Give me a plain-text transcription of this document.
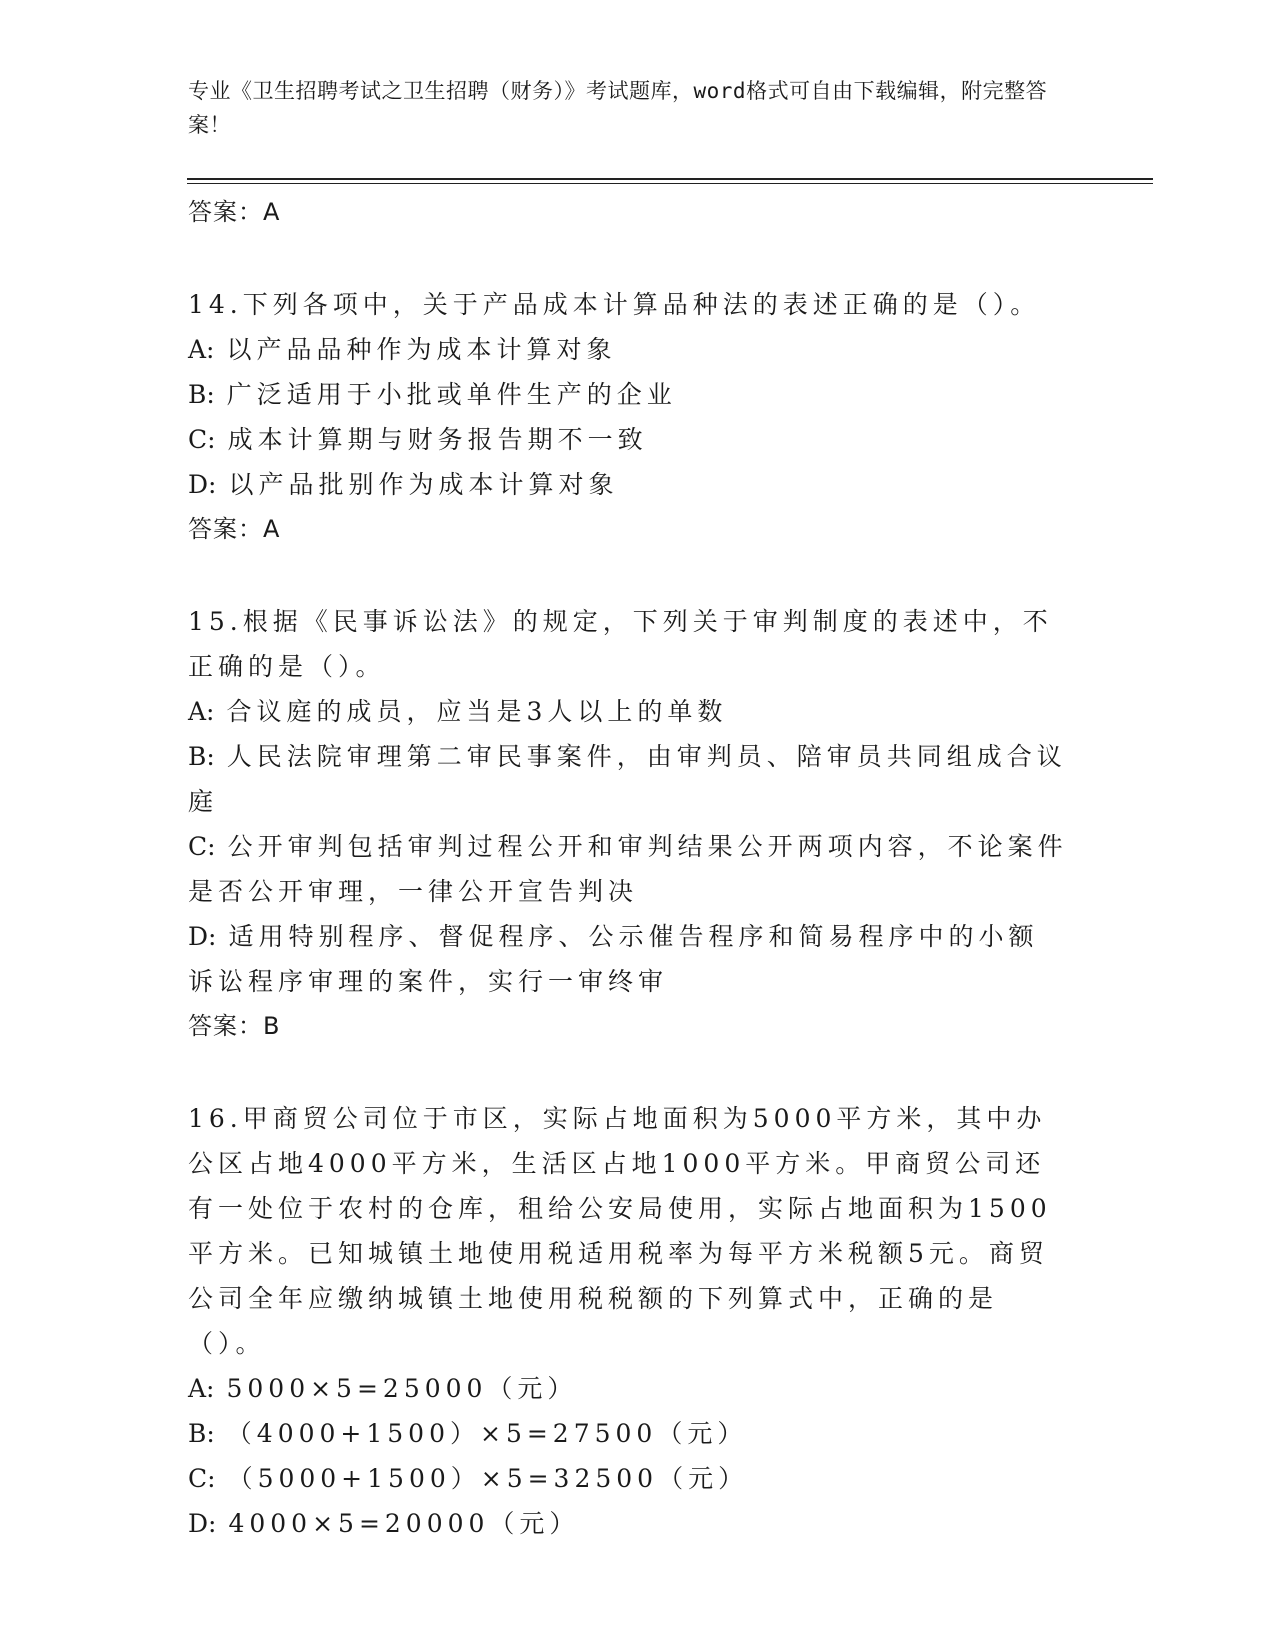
专业《卫生招聘考试之卫生招聘（财务）》考试题库，word格式可自由下载编辑，附完整答案！
答案：A
14.下列各项中，关于产品成本计算品种法的表述正确的是（）。
A: 以产品品种作为成本计算对象
B: 广泛适用于小批或单件生产的企业
C: 成本计算期与财务报告期不一致
D: 以产品批别作为成本计算对象
答案：A
15.根据《民事诉讼法》的规定，下列关于审判制度的表述中，不正确的是（）。
A: 合议庭的成员，应当是3人以上的单数
B: 人民法院审理第二审民事案件，由审判员、陪审员共同组成合议庭
C: 公开审判包括审判过程公开和审判结果公开两项内容，不论案件是否公开审理，一律公开宣告判决
D: 适用特别程序、督促程序、公示催告程序和简易程序中的小额诉讼程序审理的案件，实行一审终审
答案：B
16.甲商贸公司位于市区，实际占地面积为5000平方米，其中办公区占地4000平方米，生活区占地1000平方米。甲商贸公司还有一处位于农村的仓库，租给公安局使用，实际占地面积为1500平方米。已知城镇土地使用税适用税率为每平方米税额5元。商贸公司全年应缴纳城镇土地使用税税额的下列算式中，正确的是（）。
A: 5000×5=25000（元）
B: （4000+1500）×5=27500（元）
C: （5000+1500）×5=32500（元）
D: 4000×5=20000（元）
